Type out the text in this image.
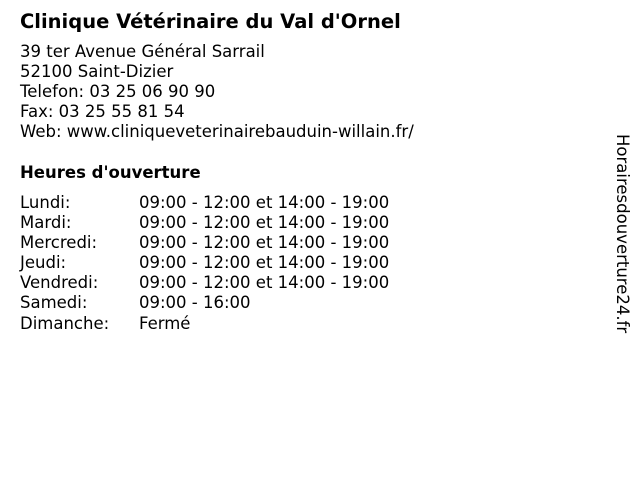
Clinique Vétérinaire du Val d'Ornel
39 ter Avenue Général Sarrail
52100 Saint-Dizier
Telefon: 03 25 06 90 90
Fax: 03 25 55 81 54
Web: www.cliniqueveterinairebauduin-willain.fr/
Heures d'ouverture
Lundi:	09:00 - 12:00 et 14:00 - 19:00
Mardi:	09:00 - 12:00 et 14:00 - 19:00
Mercredi:	09:00 - 12:00 et 14:00 - 19:00
Jeudi:	09:00 - 12:00 et 14:00 - 19:00
Vendredi:	09:00 - 12:00 et 14:00 - 19:00
Samedi:	09:00 - 16:00
Dimanche:	Fermé	Horairesdouverture24.fr
